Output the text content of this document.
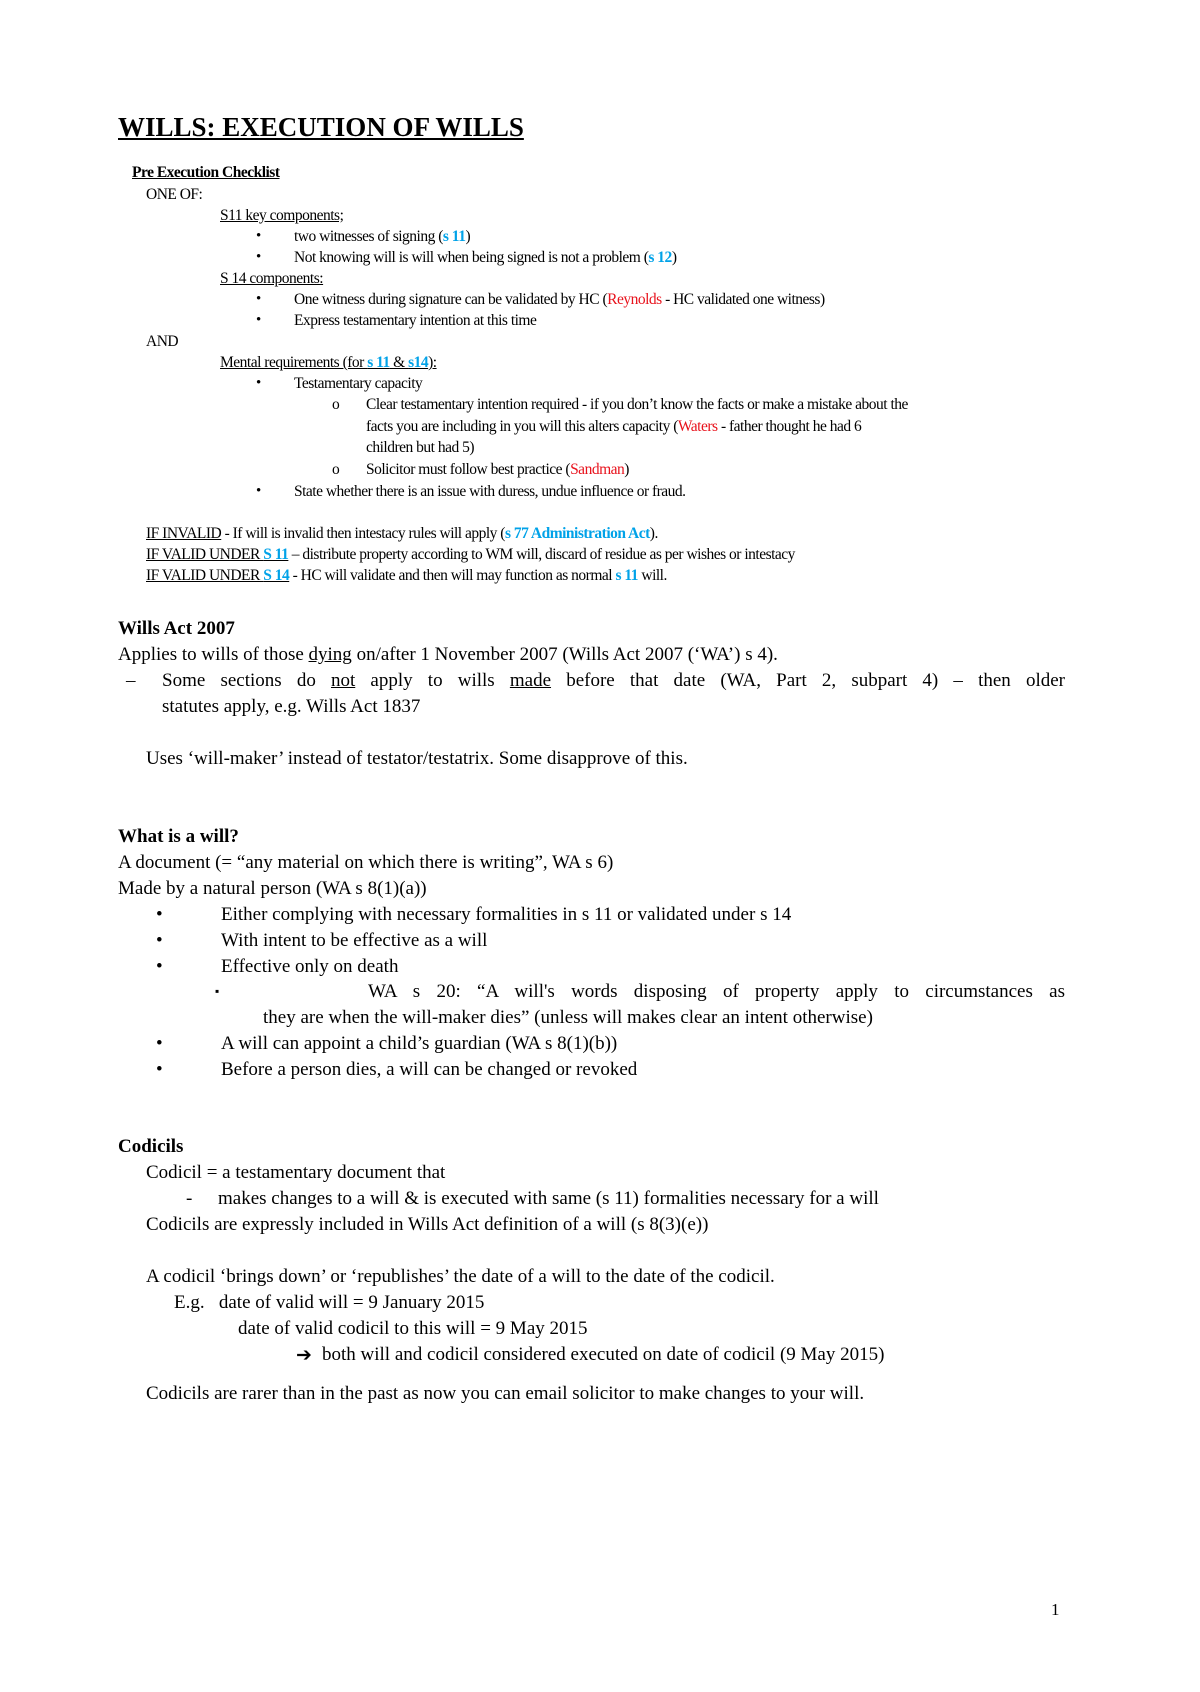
WILLS: EXECUTION OF WILLS
Pre Execution Checklist
ONE OF:
S11 key components;
• two witnesses of signing (s 11)
• Not knowing will is will when being signed is not a problem (s 12)
S 14 components:
• One witness during signature can be validated by HC (Reynolds - HC validated one witness)
• Express testamentary intention at this time
AND
Mental requirements (for s 11 & s14):
• Testamentary capacity
o Clear testamentary intention required - if you don’t know the facts or make a mistake about the
facts you are including in you will this alters capacity (Waters - father thought he had 6
children but had 5)
o Solicitor must follow best practice (Sandman)
• State whether there is an issue with duress, undue influence or fraud.
IF INVALID - If will is invalid then intestacy rules will apply (s 77 Administration Act).
IF VALID UNDER S 11 – distribute property according to WM will, discard of residue as per wishes or intestacy
IF VALID UNDER S 14 - HC will validate and then will may function as normal s 11 will.
Wills Act 2007
Applies to wills of those dying on/after 1 November 2007 (Wills Act 2007 (‘WA’) s 4).
– Some sections do not apply to wills made before that date (WA, Part 2, subpart 4) – then older
statutes apply, e.g. Wills Act 1837
Uses ‘will-maker’ instead of testator/testatrix. Some disapprove of this.
What is a will?
A document (= “any material on which there is writing”, WA s 6)
Made by a natural person (WA s 8(1)(a))
•	Either complying with necessary formalities in s 11 or validated under s 14
•	With intent to be effective as a will
•	Effective only on death
▪	WA s 20: “A will's words disposing of property apply to circumstances as
they are when the will-maker dies” (unless will makes clear an intent otherwise)
•	A will can appoint a child’s guardian (WA s 8(1)(b))
•	Before a person dies, a will can be changed or revoked
Codicils
Codicil = a testamentary document that
- makes changes to a will & is executed with same (s 11) formalities necessary for a will
Codicils are expressly included in Wills Act definition of a will (s 8(3)(e))
A codicil ‘brings down’ or ‘republishes’ the date of a will to the date of the codicil.
E.g.   date of valid will = 9 January 2015
date of valid codicil to this will = 9 May 2015
➔ both will and codicil considered executed on date of codicil (9 May 2015)
Codicils are rarer than in the past as now you can email solicitor to make changes to your will.
1
